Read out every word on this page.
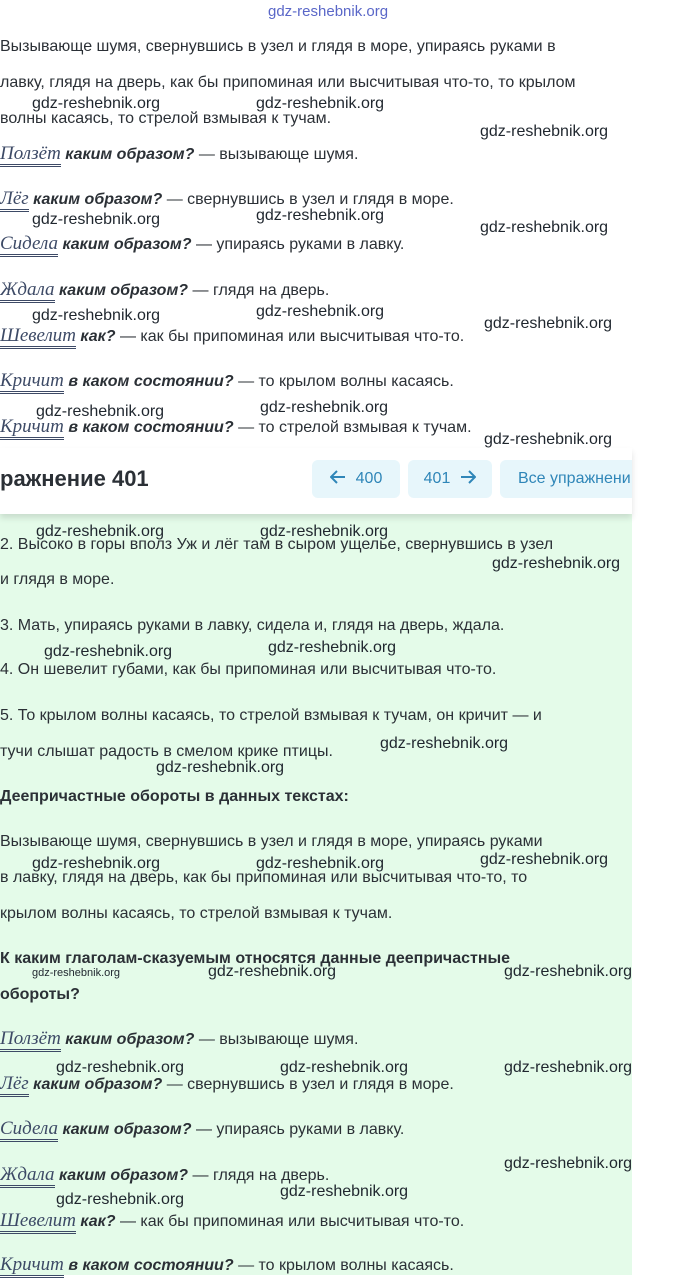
gdz-reshebnik.org
Вызывающе шумя, свернувшись в узел и глядя в море, упираясь руками в
лавку, глядя на дверь, как бы припоминая или высчитывая что-то, то крылом
волны касаясь, то стрелой взмывая к тучам.
Ползёт каким образом? — вызывающе шумя.
Лёг каким образом? — свернувшись в узел и глядя в море.
Сидела каким образом? — упираясь руками в лавку.
Ждала каким образом? — глядя на дверь.
Шевелит как? — как бы припоминая или высчитывая что-то.
Кричит в каком состоянии? — то крылом волны касаясь.
Кричит в каком состоянии? — то стрелой взмывая к тучам.
ражнение 401	400	401	Все упражнени
2. Высоко в горы вполз Уж и лёг там в сыром ущелье, свернувшись в узел
и глядя в море.
3. Мать, упираясь руками в лавку, сидела и, глядя на дверь, ждала.
4. Он шевелит губами, как бы припоминая или высчитывая что-то.
5. То крылом волны касаясь, то стрелой взмывая к тучам, он кричит — и
тучи слышат радость в смелом крике птицы.
Деепричастные обороты в данных текстах:
Вызывающе шумя, свернувшись в узел и глядя в море, упираясь руками
в лавку, глядя на дверь, как бы припоминая или высчитывая что-то, то
крылом волны касаясь, то стрелой взмывая к тучам.
К каким глаголам-сказуемым относятся данные деепричастные
обороты?
Ползёт каким образом? — вызывающе шумя.
Лёг каким образом? — свернувшись в узел и глядя в море.
Сидела каким образом? — упираясь руками в лавку.
Ждала каким образом? — глядя на дверь.
Шевелит как? — как бы припоминая или высчитывая что-то.
Кричит в каком состоянии? — то крылом волны касаясь.
gdz-reshebnik.org	gdz-reshebnik.org
gdz-reshebnik.org
gdz-reshebnik.org	gdz-reshebnik.org
gdz-reshebnik.org
gdz-reshebnik.org	gdz-reshebnik.org
gdz-reshebnik.org
gdz-reshebnik.org	gdz-reshebnik.org
gdz-reshebnik.org
gdz-reshebnik.org	gdz-reshebnik.org
gdz-reshebnik.org
gdz-reshebnik.org	gdz-reshebnik.org
gdz-reshebnik.org
gdz-reshebnik.org
gdz-reshebnik.org	gdz-reshebnik.org	gdz-reshebnik.org
gdz-reshebnik.org	gdz-reshebnik.org	gdz-reshebnik.org
gdz-reshebnik.org	gdz-reshebnik.org	gdz-reshebnik.org
gdz-reshebnik.org
gdz-reshebnik.org
gdz-reshebnik.org
